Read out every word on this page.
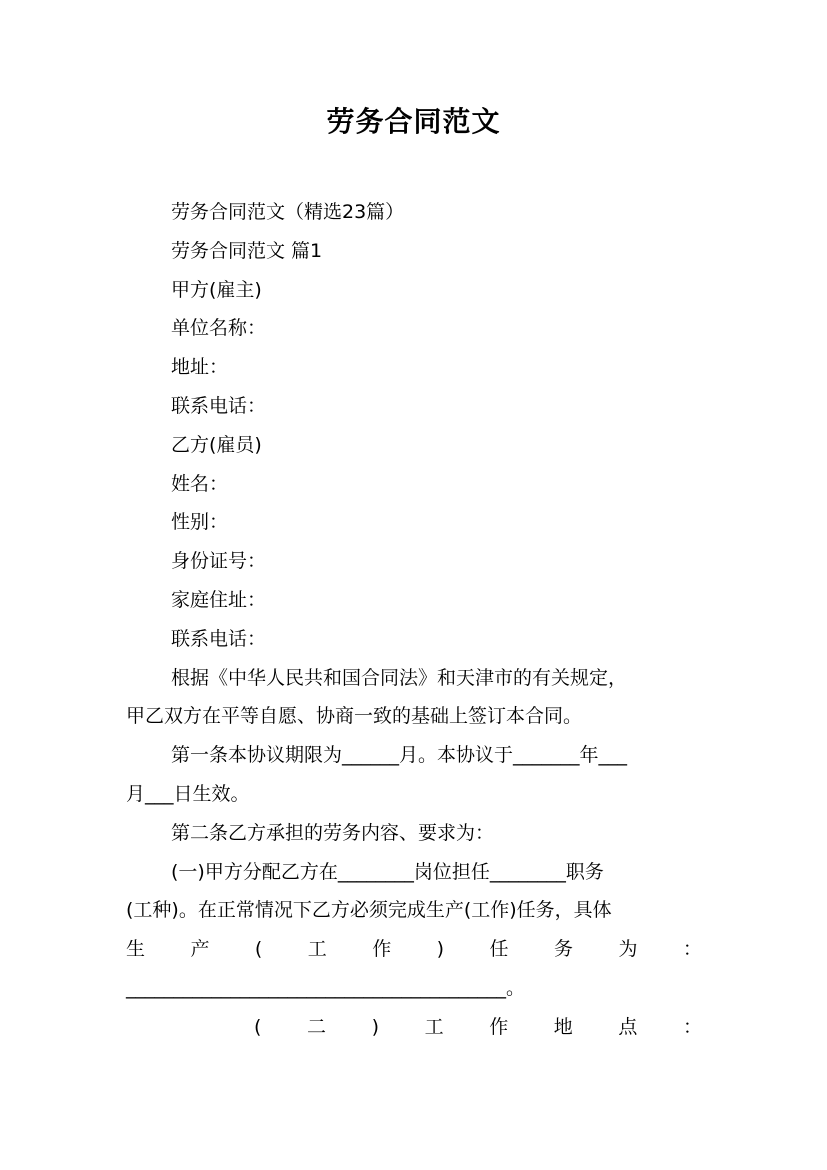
劳务合同范文

劳务合同范文（精选23篇）

劳务合同范文 篇1

甲方(雇主)

单位名称：

地址：

联系电话：

乙方(雇员)

姓名：

性别：

身份证号：

家庭住址：

联系电话：

根据《中华人民共和国合同法》和天津市的有关规定，

甲乙双方在平等自愿、协商一致的基础上签订本合同。

第一条本协议期限为______月。本协议于_______年___

月___日生效。

第二条乙方承担的劳务内容、要求为：

(一)甲方分配乙方在________岗位担任________职务

(工种)。在正常情况下乙方必须完成生产(工作)任务，具体

生 产 ( 工 作 ) 任 务 为 ：

________________________________________。

( 二 ) 工 作 地 点 ：
